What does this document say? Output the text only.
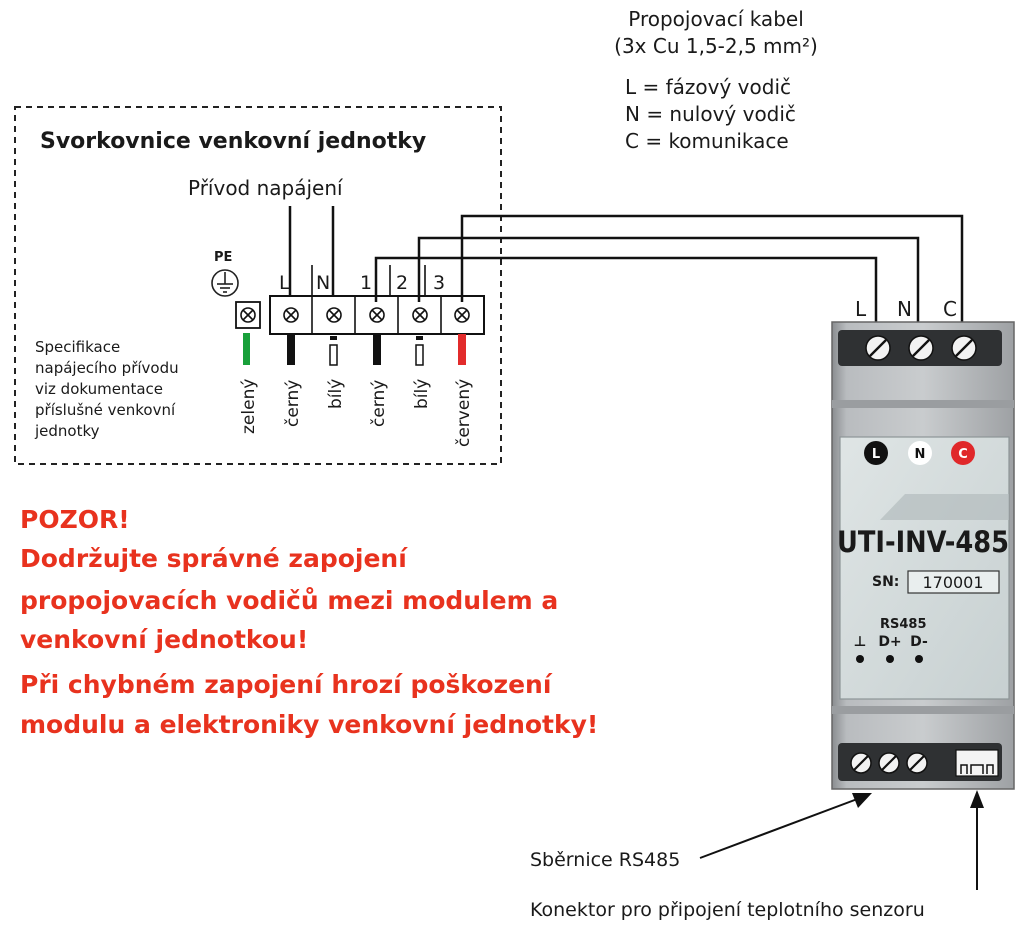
Propojovací kabel
(3x Cu 1,5-2,5 mm²)
L = fázový vodič
N = nulový vodič
C = komunikace
Svorkovnice venkovní jednotky
Přívod napájení
PE
L N 1 2 3
zelený černý bílý černý bílý červený
Specifikace
napájecího přívodu
viz dokumentace
příslušné venkovní
jednotky
L N C
L	N	C
UTI-INV-485
SN: 170001
RS485
⊥ D+ D-
POZOR!
Dodržujte správné zapojení
propojovacích vodičů mezi modulem a
venkovní jednotkou!
Při chybném zapojení hrozí poškození
modulu a elektroniky venkovní jednotky!
Sběrnice RS485
Konektor pro připojení teplotního senzoru
